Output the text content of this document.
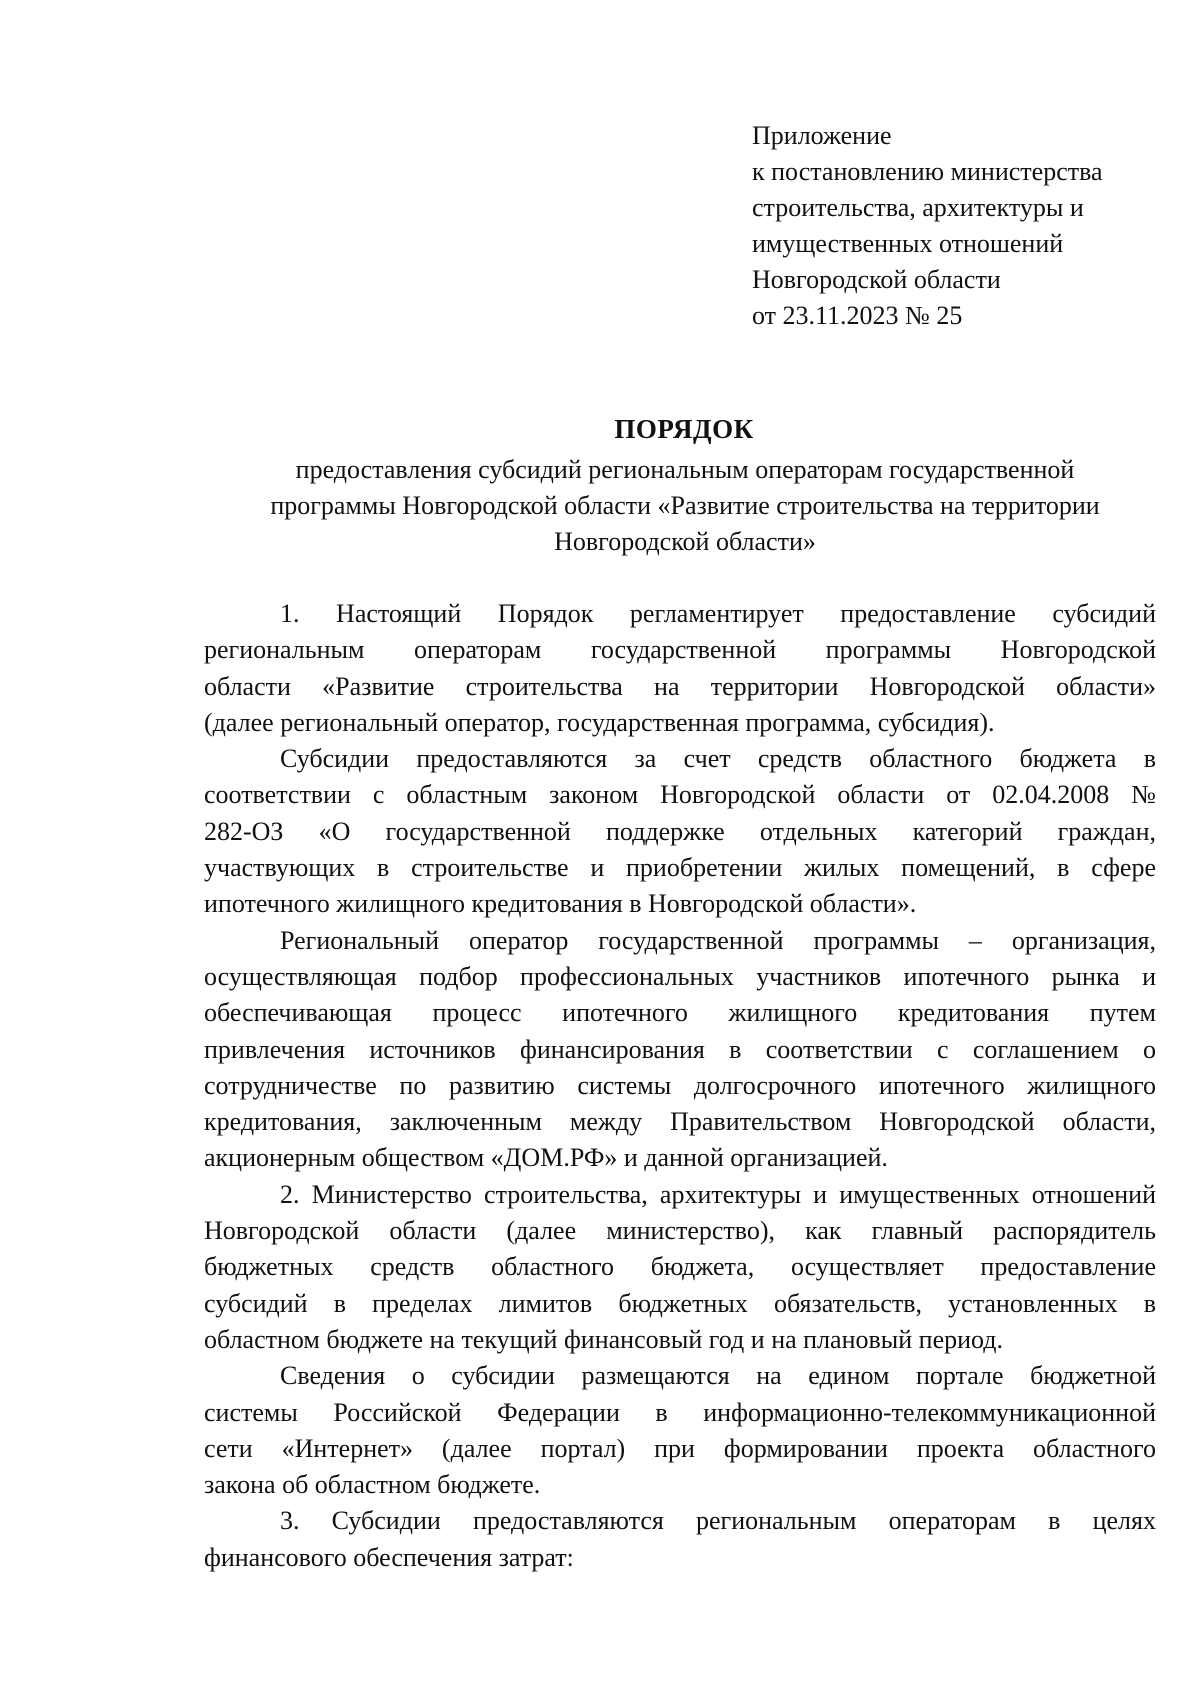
Приложение
к постановлению министерства
строительства, архитектуры и
имущественных отношений
Новгородской области
от 23.11.2023 № 25
ПОРЯДОК
предоставления субсидий региональным операторам государственной
программы Новгородской области «Развитие строительства на территории
Новгородской области»
1. Настоящий Порядок регламентирует предоставление субсидий
региональным операторам государственной программы Новгородской
области «Развитие строительства на территории Новгородской области»
(далее региональный оператор, государственная программа, субсидия).
Субсидии предоставляются за счет средств областного бюджета в
соответствии с областным законом Новгородской области от 02.04.2008 №
282-ОЗ «О государственной поддержке отдельных категорий граждан,
участвующих в строительстве и приобретении жилых помещений, в сфере
ипотечного жилищного кредитования в Новгородской области».
Региональный оператор государственной программы – организация,
осуществляющая подбор профессиональных участников ипотечного рынка и
обеспечивающая процесс ипотечного жилищного кредитования путем
привлечения источников финансирования в соответствии с соглашением о
сотрудничестве по развитию системы долгосрочного ипотечного жилищного
кредитования, заключенным между Правительством Новгородской области,
акционерным обществом «ДОМ.РФ» и данной организацией.
2. Министерство строительства, архитектуры и имущественных отношений
Новгородской области (далее министерство), как главный распорядитель
бюджетных средств областного бюджета, осуществляет предоставление
субсидий в пределах лимитов бюджетных обязательств, установленных в
областном бюджете на текущий финансовый год и на плановый период.
Сведения о субсидии размещаются на едином портале бюджетной
системы Российской Федерации в информационно-телекоммуникационной
сети «Интернет» (далее портал) при формировании проекта областного
закона об областном бюджете.
3. Субсидии предоставляются региональным операторам в целях
финансового обеспечения затрат:
